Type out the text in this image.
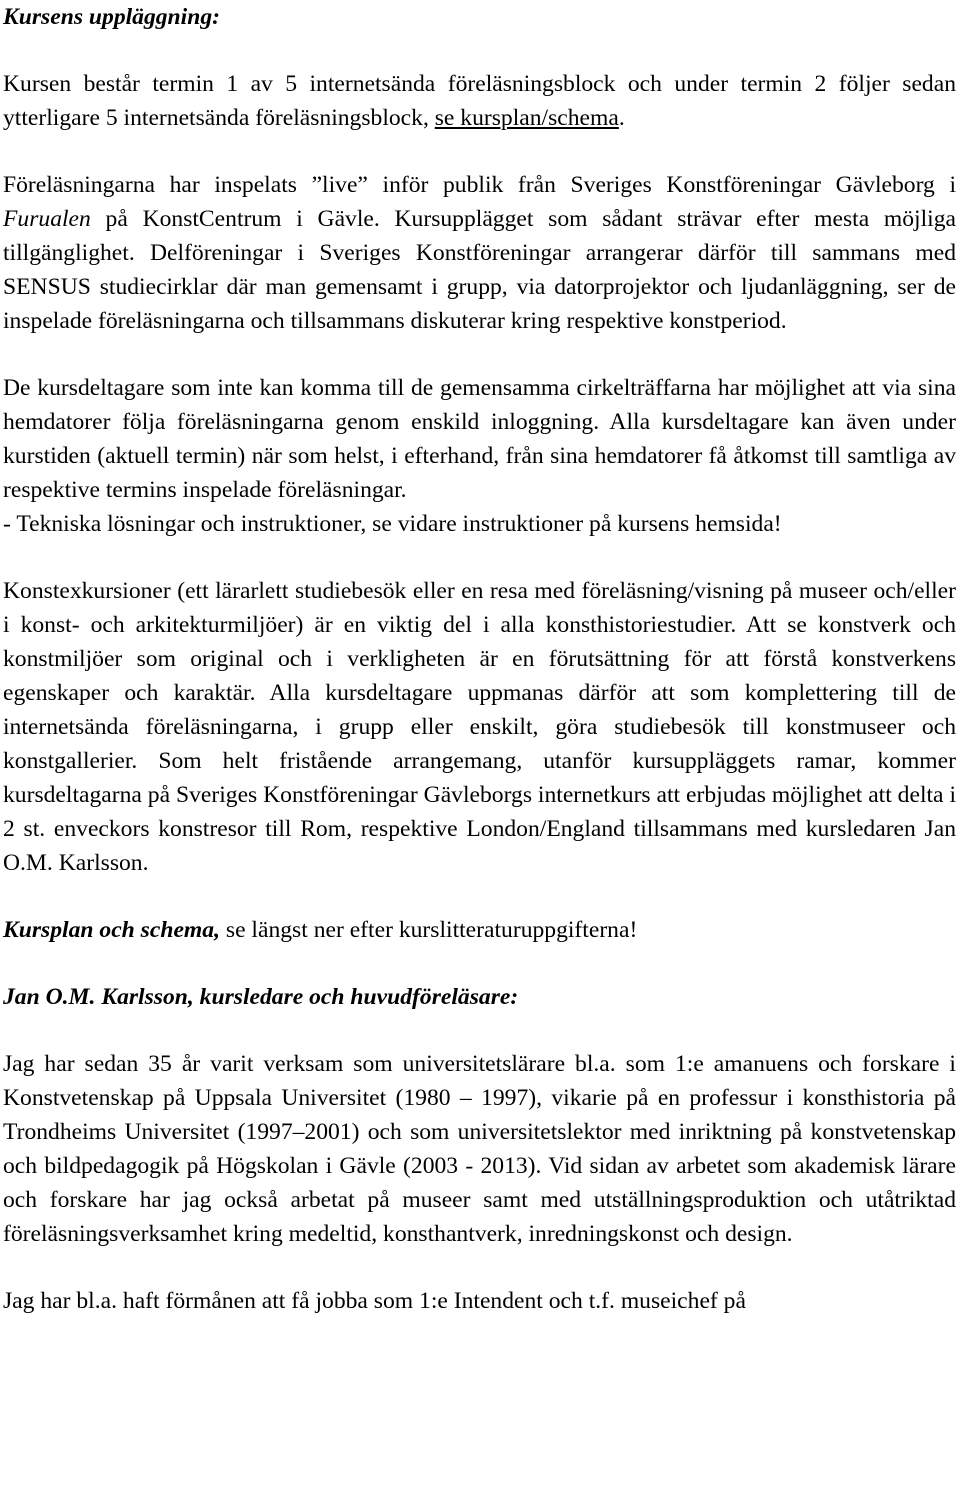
Kursens uppläggning:

Kursen består termin 1 av 5 internetsända föreläsningsblock och under termin 2 följer sedan ytterligare 5 internetsända föreläsningsblock, se kursplan/schema.

Föreläsningarna har inspelats ”live” inför publik från Sveriges Konstföreningar Gävleborg i Furualen på KonstCentrum i Gävle. Kursupplägget som sådant strävar efter mesta möjliga tillgänglighet. Delföreningar i Sveriges Konstföreningar arrangerar därför till sammans med SENSUS studiecirklar där man gemensamt i grupp, via datorprojektor och ljudanläggning, ser de inspelade föreläsningarna och tillsammans diskuterar kring respektive konstperiod.

De kursdeltagare som inte kan komma till de gemensamma cirkelträffarna har möjlighet att via sina hemdatorer följa föreläsningarna genom enskild inloggning. Alla kursdeltagare kan även under kurstiden (aktuell termin) när som helst, i efterhand, från sina hemdatorer få åtkomst till samtliga av respektive termins inspelade föreläsningar.

- Tekniska lösningar och instruktioner, se vidare instruktioner på kursens hemsida!

Konstexkursioner (ett lärarlett studiebesök eller en resa med föreläsning/visning på museer och/eller i konst- och arkitekturmiljöer) är en viktig del i alla konsthistoriestudier. Att se konstverk och konstmiljöer som original och i verkligheten är en förutsättning för att förstå konstverkens egenskaper och karaktär. Alla kursdeltagare uppmanas därför att som komplettering till de internetsända föreläsningarna, i grupp eller enskilt, göra studiebesök till konstmuseer och konstgallerier. Som helt fristående arrangemang, utanför kursuppläggets ramar, kommer kursdeltagarna på Sveriges Konstföreningar Gävleborgs internetkurs att erbjudas möjlighet att delta i 2 st. enveckors konstresor till Rom, respektive London/England tillsammans med kursledaren Jan O.M. Karlsson.

Kursplan och schema, se längst ner efter kurslitteraturuppgifterna!

Jan O.M. Karlsson, kursledare och huvudföreläsare:

Jag har sedan 35 år varit verksam som universitetslärare bl.a. som 1:e amanuens och forskare i Konstvetenskap på Uppsala Universitet (1980 – 1997), vikarie på en professur i konsthistoria på Trondheims Universitet (1997–2001) och som universitetslektor med inriktning på konstvetenskap och bildpedagogik på Högskolan i Gävle (2003 - 2013). Vid sidan av arbetet som akademisk lärare och forskare har jag också arbetat på museer samt med utställningsproduktion och utåtriktad föreläsningsverksamhet kring medeltid, konsthantverk, inredningskonst och design.

Jag har bl.a. haft förmånen att få jobba som 1:e Intendent och t.f. museichef på
